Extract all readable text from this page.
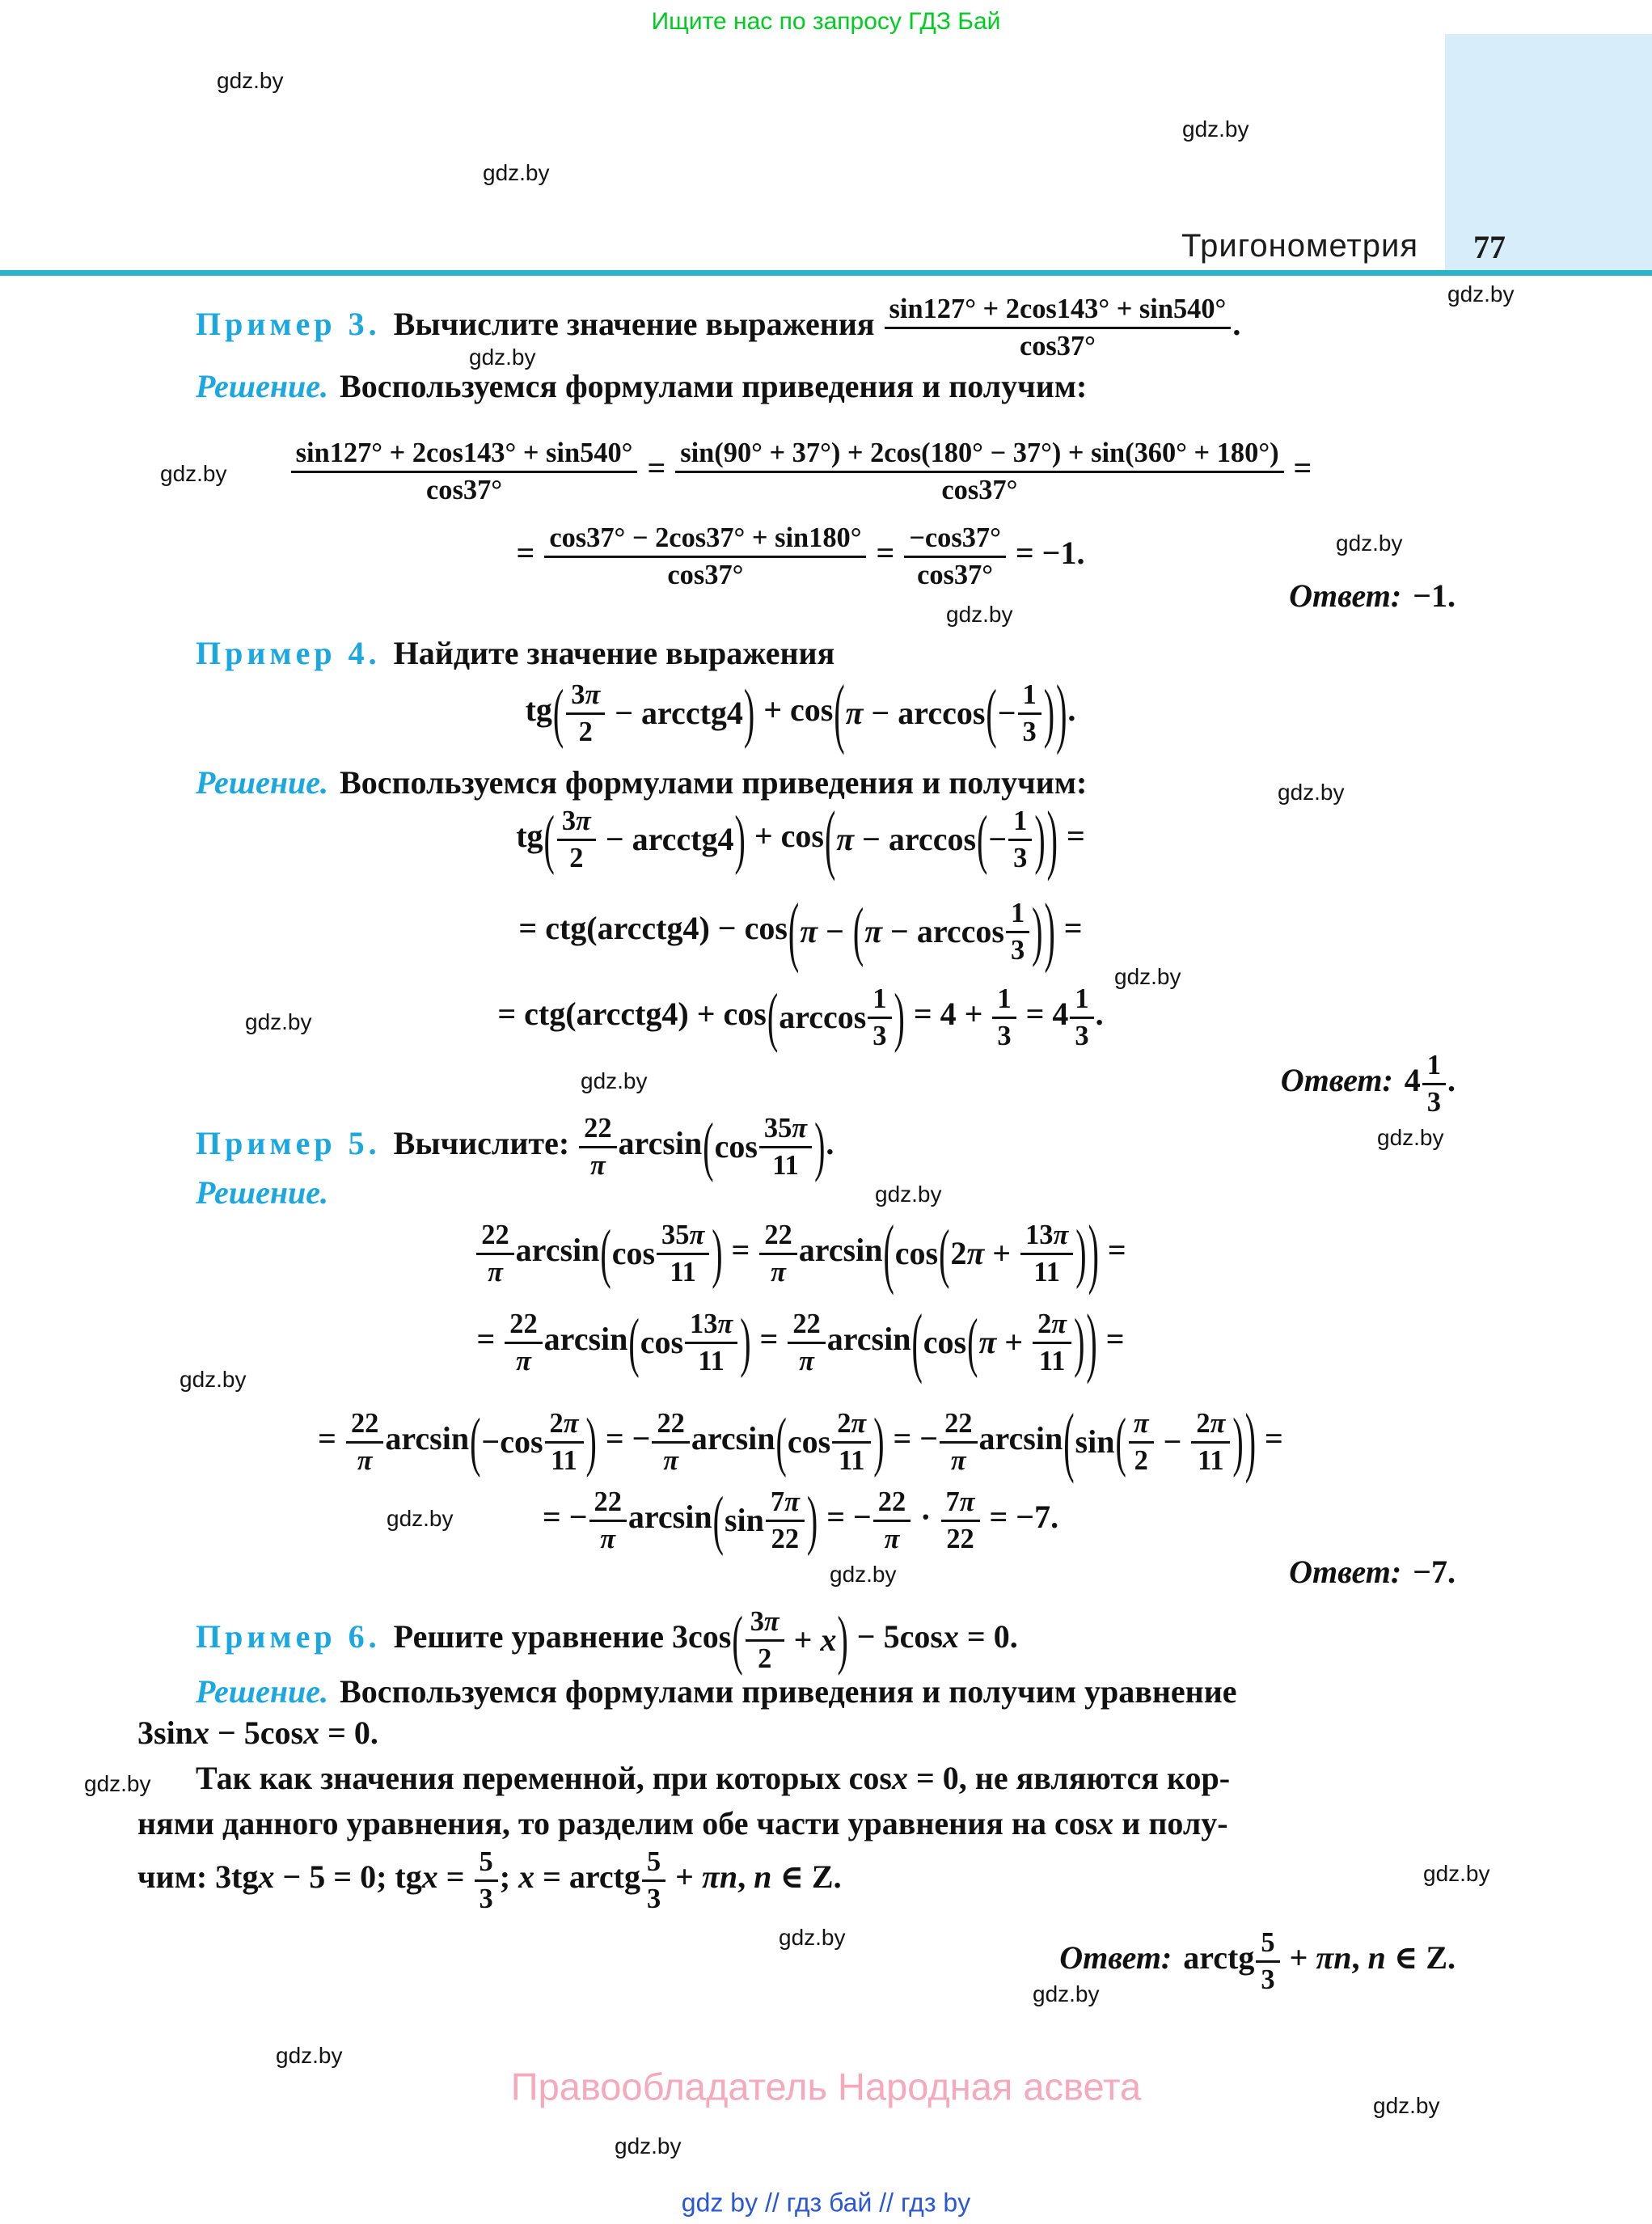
Ищите нас по запросу ГДЗ Бай
Тригонометрия 77
gdz.by
gdz.by
gdz.by
gdz.by
gdz.by
gdz.by
gdz.by
gdz.by
gdz.by
gdz.by
gdz.by
gdz.by
gdz.by
gdz.by
gdz.by
gdz.by
gdz.by
gdz.by
gdz.by
gdz.by
gdz.by
gdz.by
gdz.by
gdz.by
Пример 3. Вычислите значение выражения $\frac{\sin 127^\circ + 2\cos 143^\circ + \sin 540^\circ}{\cos 37^\circ}$ .
Решение. Воспользуемся формулами приведения и получим:
$\frac{\sin 127^\circ + 2\cos 143^\circ + \sin 540^\circ}{\cos 37^\circ} = \frac{\sin(90^\circ + 37^\circ) + 2\cos(180^\circ - 37^\circ) + \sin(360^\circ + 180^\circ)}{\cos 37^\circ}$ =
= $\frac{\cos 37^\circ - 2\cos 37^\circ + \sin 180^\circ}{\cos 37^\circ} = \frac{-\cos 37^\circ}{\cos 37^\circ} = -1$.
Ответ: −1.
Пример 4. Найдите значение выражения
tg ( $\frac{3\pi}{2}$ − arcctg4 ) + cos ( π − arccos ( − $\frac{1}{3}$ ) ) .
Решение. Воспользуемся формулами приведения и получим:
tg ( $\frac{3\pi}{2}$ − arcctg4 ) + cos ( π − arccos ( − $\frac{1}{3}$ ) ) =
= ctg(arcctg4) − cos ( π − ( $\pi - \arccos \frac{1}{3}$ ) ) =
= ctg(arcctg4) + cos ( $\arccos \frac{1}{3}$ ) = $4 + \frac{1}{3} = 4 \frac{1}{3}$ .
Ответ: $4 \frac{1}{3}$ .
Пример 5. Вычислите: $\frac{22}{\pi}$ arcsin ( $\cos \frac{35\pi}{11}$ ) .
Решение.
$\frac{22}{\pi}$ arcsin ( $\cos \frac{35\pi}{11}$ ) = $\frac{22}{\pi}$ arcsin ( cos ( 2 $\pi + \frac{13\pi}{11}$ ) ) =
= $\frac{22}{\pi}$ arcsin ( $\cos \frac{13\pi}{11}$ ) = $\frac{22}{\pi}$ arcsin ( cos ( $\pi + \frac{2\pi}{11}$ ) ) =
= $\frac{22}{\pi}$ arcsin ( $-\cos \frac{2\pi}{11}$ ) = − $\frac{22}{\pi}$ arcsin ( $\cos \frac{2\pi}{11}$ ) = − $\frac{22}{\pi}$ arcsin ( sin ( $\frac{\pi}{2} - \frac{2\pi}{11}$ ) ) =
= − $\frac{22}{\pi}$ arcsin ( $\sin \frac{7\pi}{22}$ ) = − $\frac{22}{\pi} \cdot \frac{7\pi}{22} = -7$.
Ответ: −7.
Пример 6. Решите уравнение 3cos ( $\frac{3\pi}{2} + x$ ) − 5cosx = 0.
Решение. Воспользуемся формулами приведения и получим уравнение
3sinx − 5cosx = 0.
Так как значения переменной, при которых cosx = 0, не являются кор-
нями данного уравнения, то разделим обе части уравнения на cosx и полу-
чим: 3tgx − 5 = 0; tgx = $\frac{5}{3}$ ; x = arctg $\frac{5}{3} + \pi n$, n ∈ Z.
Ответ: arctg $\frac{5}{3} + \pi n$, n ∈ Z.
Правообладатель Народная асвета
gdz by // гдз бай // гдз by
